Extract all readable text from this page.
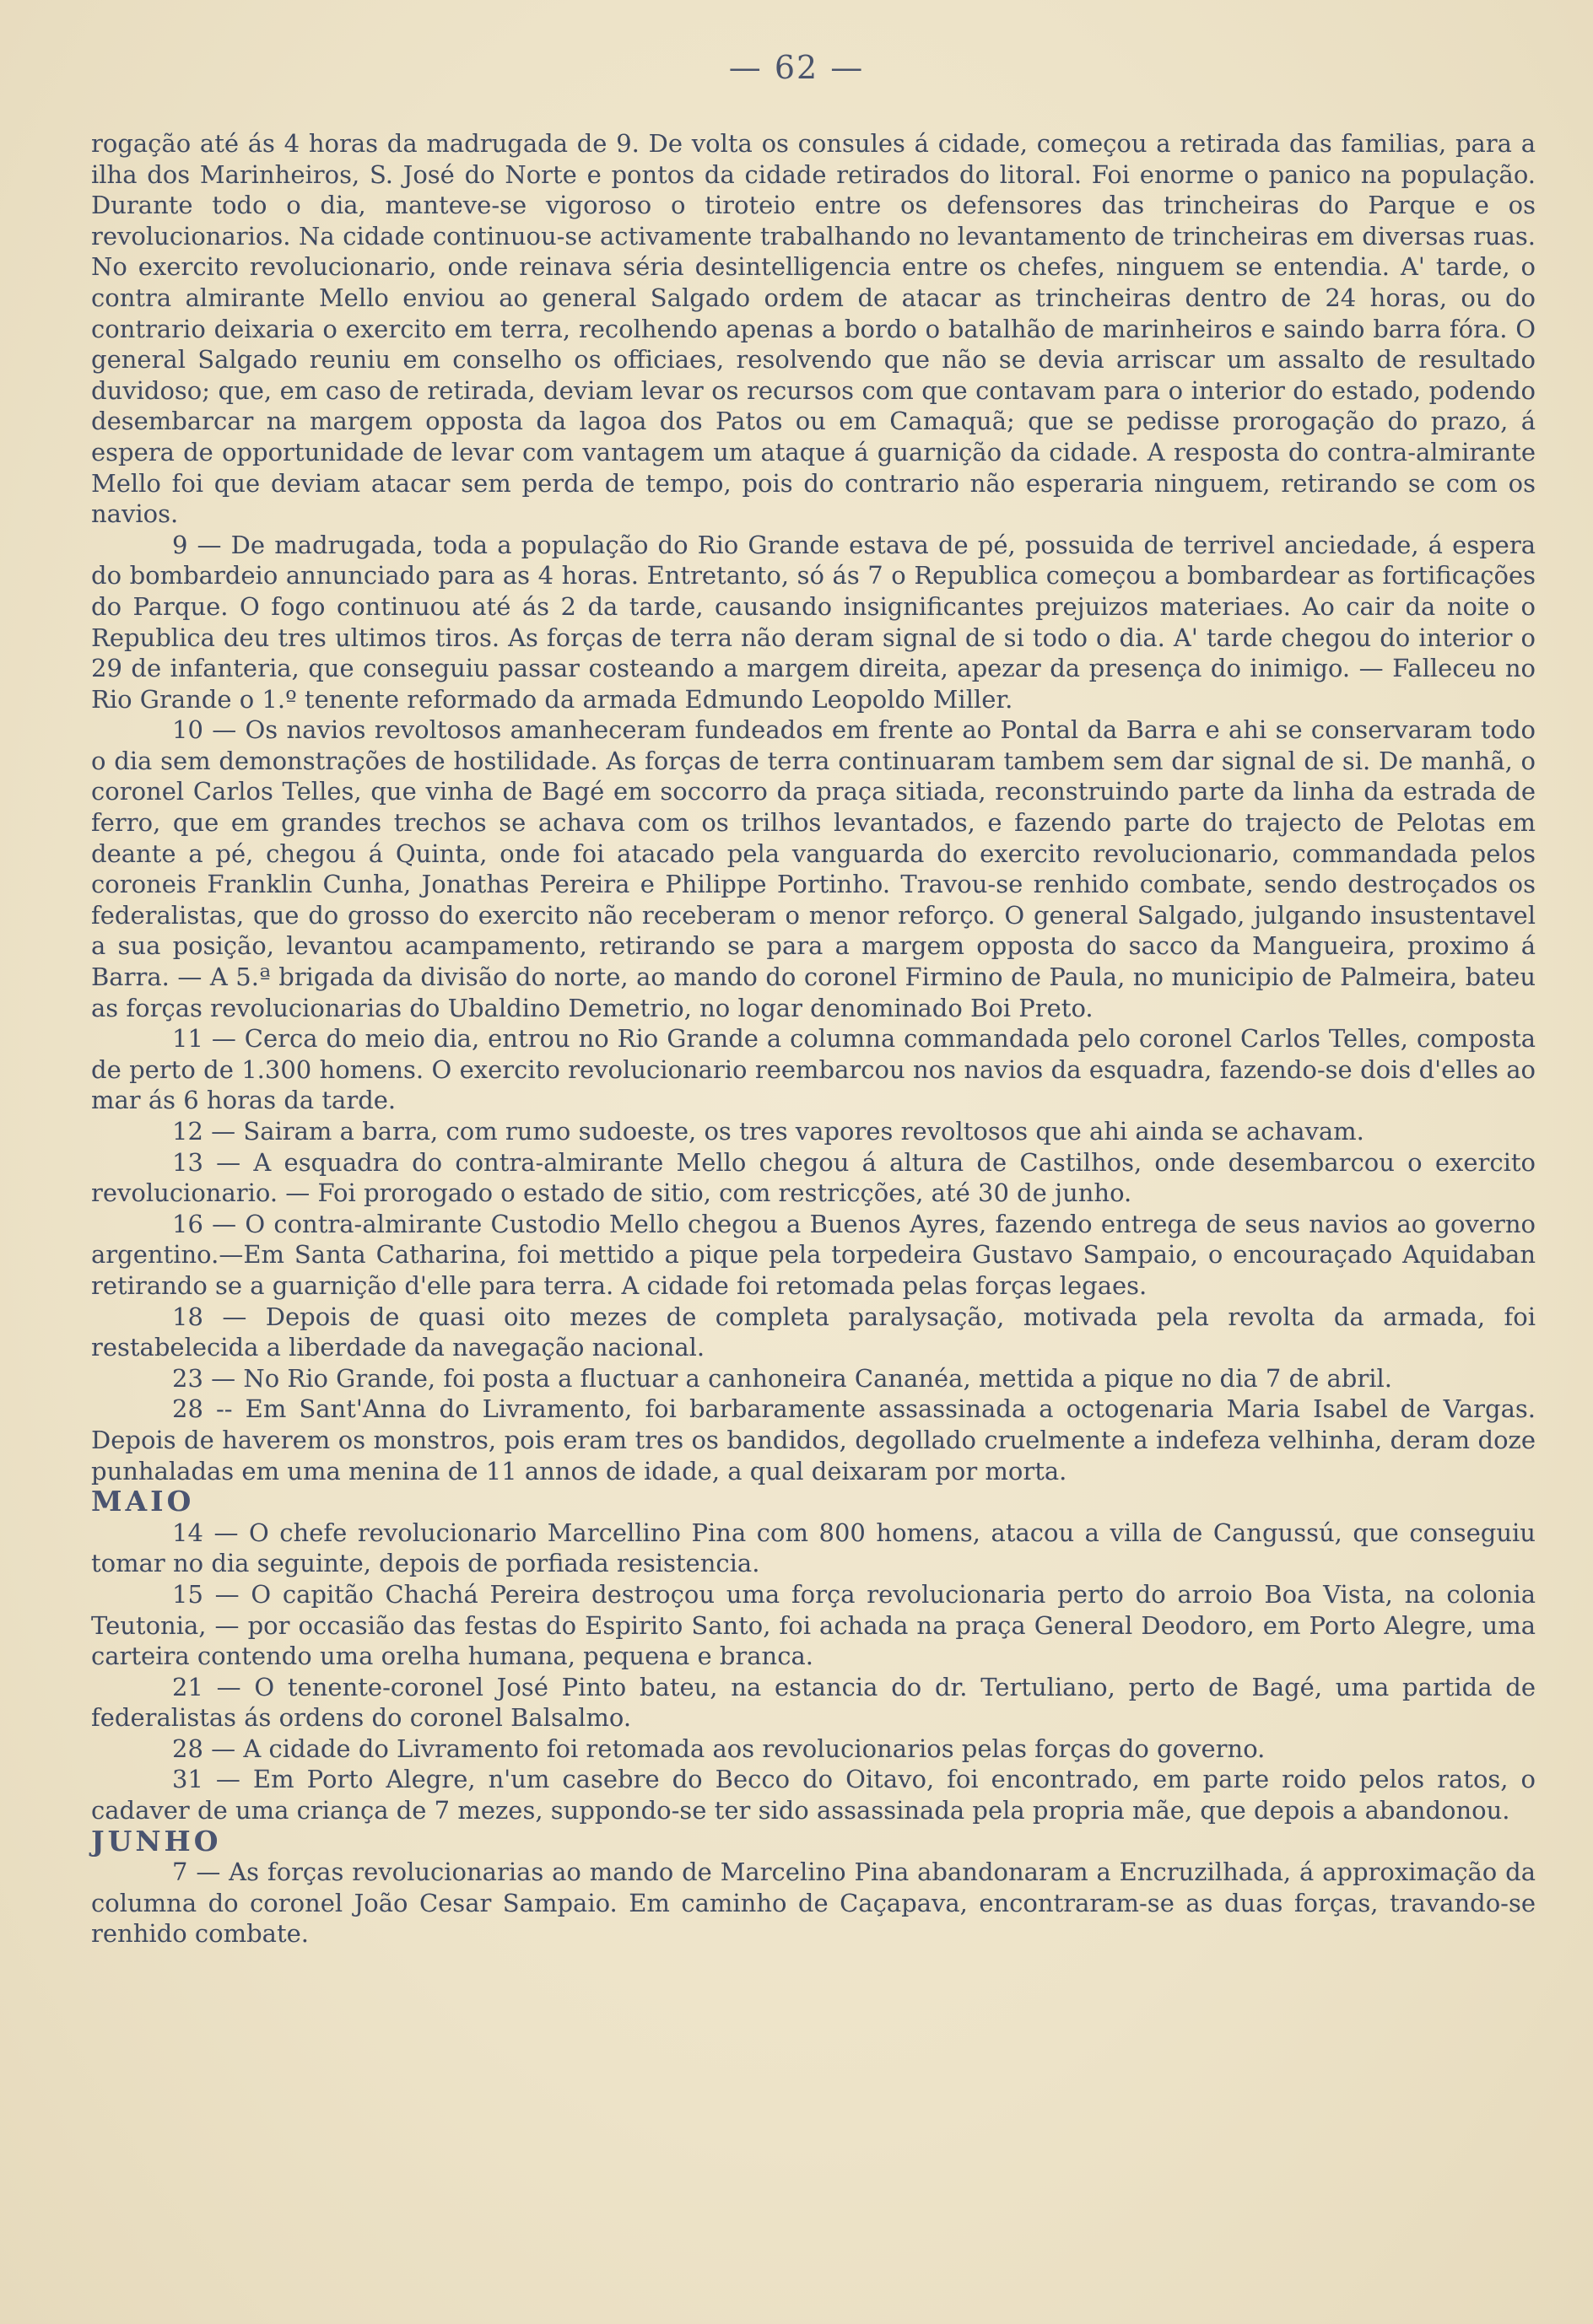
— 62 —

rogação até ás 4 horas da madrugada de 9. De volta os consules á cidade, começou a retirada das familias, para a ilha dos Marinheiros, S. José do Norte e pontos da cidade retirados do litoral. Foi enorme o panico na população. Durante todo o dia, manteve-se vigoroso o tiroteio entre os defensores das trincheiras do Parque e os revolucionarios. Na cidade continuou-se activamente trabalhando no levantamento de trincheiras em diversas ruas. No exercito revolucionario, onde reinava séria desintelligencia entre os chefes, ninguem se entendia. A' tarde, o contra almirante Mello enviou ao general Salgado ordem de atacar as trincheiras dentro de 24 horas, ou do contrario deixaria o exercito em terra, recolhendo apenas a bordo o batalhão de marinheiros e saindo barra fóra. O general Salgado reuniu em conselho os officiaes, resolvendo que não se devia arriscar um assalto de resultado duvidoso; que, em caso de retirada, deviam levar os recursos com que contavam para o interior do estado, podendo desembarcar na margem opposta da lagoa dos Patos ou em Camaquã; que se pedisse prorogação do prazo, á espera de opportunidade de levar com vantagem um ataque á guarnição da cidade. A resposta do contra-almirante Mello foi que deviam atacar sem perda de tempo, pois do contrario não esperaria ninguem, retirando se com os navios.

9 — De madrugada, toda a população do Rio Grande estava de pé, possuida de terrivel anciedade, á espera do bombardeio annunciado para as 4 horas. Entretanto, só ás 7 o Republica começou a bombardear as fortificações do Parque. O fogo continuou até ás 2 da tarde, causando insignificantes prejuizos materiaes. Ao cair da noite o Republica deu tres ultimos tiros. As forças de terra não deram signal de si todo o dia. A' tarde chegou do interior o 29 de infanteria, que conseguiu passar costeando a margem direita, apezar da presença do inimigo. — Falleceu no Rio Grande o 1.º tenente reformado da armada Edmundo Leopoldo Miller.

10 — Os navios revoltosos amanheceram fundeados em frente ao Pontal da Barra e ahi se conservaram todo o dia sem demonstrações de hostilidade. As forças de terra continuaram tambem sem dar signal de si. De manhã, o coronel Carlos Telles, que vinha de Bagé em soccorro da praça sitiada, reconstruindo parte da linha da estrada de ferro, que em grandes trechos se achava com os trilhos levantados, e fazendo parte do trajecto de Pelotas em deante a pé, chegou á Quinta, onde foi atacado pela vanguarda do exercito revolucionario, commandada pelos coroneis Franklin Cunha, Jonathas Pereira e Philippe Portinho. Travou-se renhido combate, sendo destroçados os federalistas, que do grosso do exercito não receberam o menor reforço. O general Salgado, julgando insustentavel a sua posição, levantou acampamento, retirando se para a margem opposta do sacco da Mangueira, proximo á Barra. — A 5.ª brigada da divisão do norte, ao mando do coronel Firmino de Paula, no municipio de Palmeira, bateu as forças revolucionarias do Ubaldino Demetrio, no logar denominado Boi Preto.

11 — Cerca do meio dia, entrou no Rio Grande a columna commandada pelo coronel Carlos Telles, composta de perto de 1.300 homens. O exercito revolucionario reembarcou nos navios da esquadra, fazendo-se dois d'elles ao mar ás 6 horas da tarde.

12 — Sairam a barra, com rumo sudoeste, os tres vapores revoltosos que ahi ainda se achavam.

13 — A esquadra do contra-almirante Mello chegou á altura de Castilhos, onde desembarcou o exercito revolucionario. — Foi prorogado o estado de sitio, com restricções, até 30 de junho.

16 — O contra-almirante Custodio Mello chegou a Buenos Ayres, fazendo entrega de seus navios ao governo argentino.—Em Santa Catharina, foi mettido a pique pela torpedeira Gustavo Sampaio, o encouraçado Aquidaban retirando se a guarnição d'elle para terra. A cidade foi retomada pelas forças legaes.

18 — Depois de quasi oito mezes de completa paralysação, motivada pela revolta da armada, foi restabelecida a liberdade da navegação nacional.

23 — No Rio Grande, foi posta a fluctuar a canhoneira Cananéa, mettida a pique no dia 7 de abril.

28 -- Em Sant'Anna do Livramento, foi barbaramente assassinada a octogenaria Maria Isabel de Vargas. Depois de haverem os monstros, pois eram tres os bandidos, degollado cruelmente a indefeza velhinha, deram doze punhaladas em uma menina de 11 annos de idade, a qual deixaram por morta.

MAIO

14 — O chefe revolucionario Marcellino Pina com 800 homens, atacou a villa de Cangussú, que conseguiu tomar no dia seguinte, depois de porfiada resistencia.

15 — O capitão Chachá Pereira destroçou uma força revolucionaria perto do arroio Boa Vista, na colonia Teutonia, — por occasião das festas do Espirito Santo, foi achada na praça General Deodoro, em Porto Alegre, uma carteira contendo uma orelha humana, pequena e branca.

21 — O tenente-coronel José Pinto bateu, na estancia do dr. Tertuliano, perto de Bagé, uma partida de federalistas ás ordens do coronel Balsalmo.

28 — A cidade do Livramento foi retomada aos revolucionarios pelas forças do governo.

31 — Em Porto Alegre, n'um casebre do Becco do Oitavo, foi encontrado, em parte roido pelos ratos, o cadaver de uma criança de 7 mezes, suppondo-se ter sido assassinada pela propria mãe, que depois a abandonou.

JUNHO

7 — As forças revolucionarias ao mando de Marcelino Pina abandonaram a Encruzilhada, á approximação da columna do coronel João Cesar Sampaio. Em caminho de Caçapava, encontraram-se as duas forças, travando-se renhido combate.
